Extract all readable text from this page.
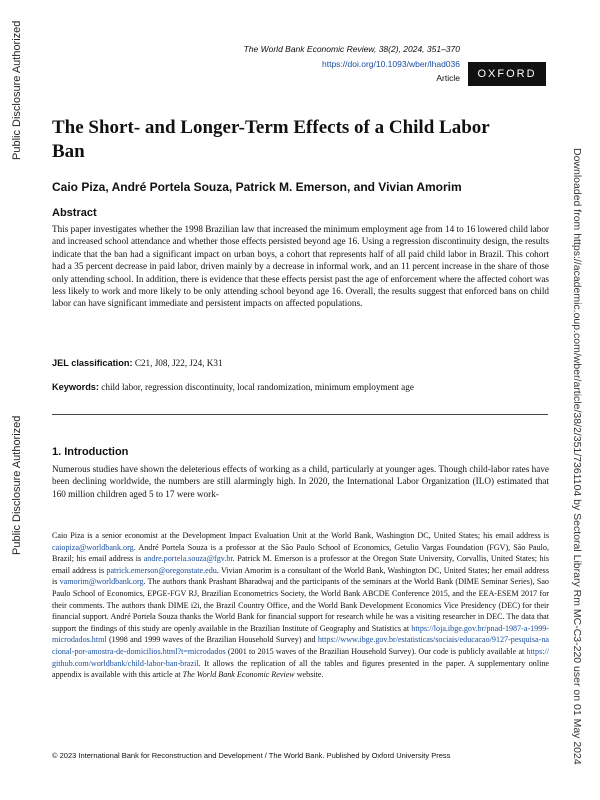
Public Disclosure Authorized
Public Disclosure Authorized	Downloaded from https://academic.oup.com/wber/article/38/2/351/7361104 by Sectoral Library Rm MC-C3-220 user on 01 May 2024
The World Bank Economic Review, 38(2), 2024, 351–370
https://doi.org/10.1093/wber/lhad036
Article	OXFORD
The Short- and Longer-Term Effects of a Child Labor
Ban
Caio Piza, André Portela Souza, Patrick M. Emerson, and Vivian Amorim
Abstract
This paper investigates whether the 1998 Brazilian law that increased the minimum employment age from 14 to 16 lowered child labor and increased school attendance and whether those effects persisted beyond age 16. Using a regression discontinuity design, the results indicate that the ban had a significant impact on urban boys, a cohort that represents half of all paid child labor in Brazil. This cohort had a 35 percent decrease in paid labor, driven mainly by a decrease in informal work, and an 11 percent increase in the share of those only attending school. In addition, there is evidence that these effects persist past the age of enforcement where the affected cohort was less likely to work and more likely to be only attending school beyond age 16. Overall, the results suggest that enforced bans on child labor can have significant immediate and persistent impacts on affected populations.
JEL classification: C21, J08, J22, J24, K31
Keywords: child labor, regression discontinuity, local randomization, minimum employment age
1. Introduction
Numerous studies have shown the deleterious effects of working as a child, particularly at younger ages. Though child-labor rates have been declining worldwide, the numbers are still alarmingly high. In 2020, the International Labor Organization (ILO) estimated that 160 million children aged 5 to 17 were work-
Caio Piza is a senior economist at the Development Impact Evaluation Unit at the World Bank, Washington DC, United States; his email address is caiopiza@worldbank.org. André Portela Souza is a professor at the São Paulo School of Economics, Getulio Vargas Foundation (FGV), São Paulo, Brazil; his email address is andre.portela.souza@fgv.br. Patrick M. Emerson is a professor at the Oregon State University, Corvallis, United States; his email address is patrick.emerson@oregonstate.edu. Vivian Amorim is a consultant of the World Bank, Washington DC, United States; her email address is vamorim@worldbank.org. The authors thank Prashant Bharadwaj and the participants of the seminars at the World Bank (DIME Seminar Series), Sao Paulo School of Economics, EPGE-FGV RJ, Brazilian Econometrics Society, the World Bank ABCDE Conference 2015, and the EEA-ESEM 2017 for their comments. The authors thank DIME i2i, the Brazil Country Office, and the World Bank Development Economics Vice Presidency (DEC) for their financial support. André Portela Souza thanks the World Bank for financial support for research while he was a visiting researcher in DEC. The data that support the findings of this study are openly available in the Brazilian Institute of Geography and Statistics at https://loja.ibge.gov.br/pnad-1987-a-1999-microdados.html (1998 and 1999 waves of the Brazilian Household Survey) and https://www.ibge.gov.br/estatisticas/sociais/educacao/9127-pesquisa-nacional-por-amostra-de-domicilios.html?t=microdados (2001 to 2015 waves of the Brazilian Household Survey). Our code is publicly available at https://github.com/worldbank/child-labor-ban-brazil. It allows the replication of all the tables and figures presented in the paper. A supplementary online appendix is available with this article at The World Bank Economic Review website.
© 2023 International Bank for Reconstruction and Development / The World Bank. Published by Oxford University Press
